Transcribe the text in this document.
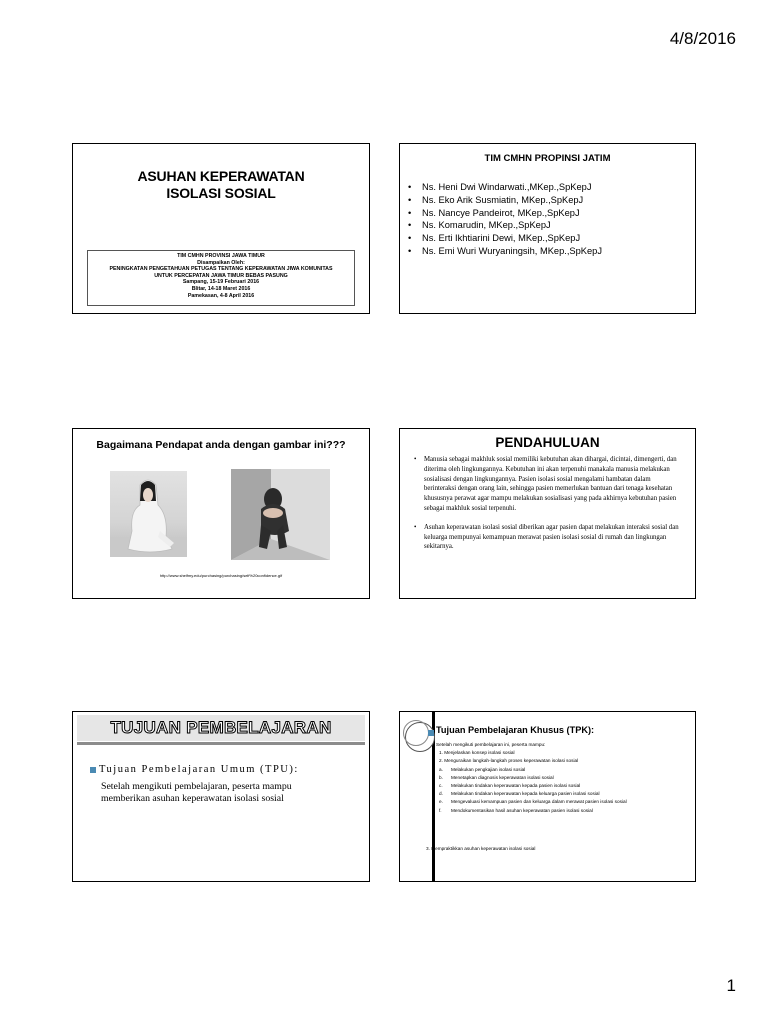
4/8/2016
ASUHAN KEPERAWATAN
ISOLASI SOSIAL
TIM CMHN PROVINSI JAWA TIMUR
Disampaikan Oleh:
PENINGKATAN PENGETAHUAN PETUGAS TENTANG KEPERAWATAN JIWA KOMUNITAS
UNTUK PERCEPATAN JAWA TIMUR BEBAS PASUNG
Sampang, 15-19 Februari 2016
Blitar, 14-18 Maret 2016
Pamekasan, 4-8 April 2016
TIM CMHN PROPINSI JATIM
• Ns. Heni Dwi Windarwati.,MKep.,SpKepJ
• Ns. Eko Arik Susmiatin, MKep.,SpKepJ
• Ns. Nancye Pandeirot, MKep.,SpKepJ
• Ns. Komarudin, MKep.,SpKepJ
• Ns. Erti Ikhtiarini Dewi, MKep.,SpKepJ
• Ns. Emi Wuri Wuryaningsih, MKep.,SpKepJ
Bagaimana Pendapat anda dengan gambar ini???
http://www.shelfmy.edu/purchasing/purchasing/self%20confidence.gif
PENDAHULUAN
• Manusia sebagai makhluk sosial memiliki kebutuhan akan dihargai, dicintai, dimengerti, dan diterima oleh lingkungannya. Kebutuhan ini akan terpenuhi manakala manusia melakukan sosialisasi dengan lingkungannya. Pasien isolasi sosial mengalami hambatan dalam berinteraksi dengan orang lain, sehingga pasien memerlukan bantuan dari tenaga kesehatan khususnya perawat agar mampu melakukan sosialisasi yang pada akhirnya kebutuhan pasien sebagai makhluk sosial terpenuhi.
• Asuhan keperawatan isolasi sosial diberikan agar pasien dapat melakukan interaksi sosial dan keluarga mempunyai kemampuan merawat pasien isolasi sosial di rumah dan lingkungan sekitarnya.
TUJUAN PEMBELAJARAN
Tujuan Pembelajaran Umum (TPU):
Setelah mengikuti pembelajaran, peserta mampu
memberikan asuhan keperawatan isolasi sosial
Tujuan Pembelajaran Khusus (TPK):
Setelah mengikuti pembelajaran ini, peserta mampu:
1. Menjelaskan konsep isolasi sosial
2. Menguraikan langkah-langkah proses keperawatan isolasi sosial
a. Melakukan pengkajian isolasi sosial
b. Menetapkan diagnosis keperawatan isolasi sosial
c. Melakukan tindakan keperawatan kepada pasien isolasi sosial
d. Melakukan tindakan keperawatan kepada keluarga pasien isolasi sosial
e. Mengevaluasi kemampuan pasien dan keluarga dalam merawat pasien isolasi sosial
f. Mendokumentasikan hasil asuhan keperawatan pasien isolasi sosial
3. Mempraktikkan asuhan keperawatan isolasi sosial
1
